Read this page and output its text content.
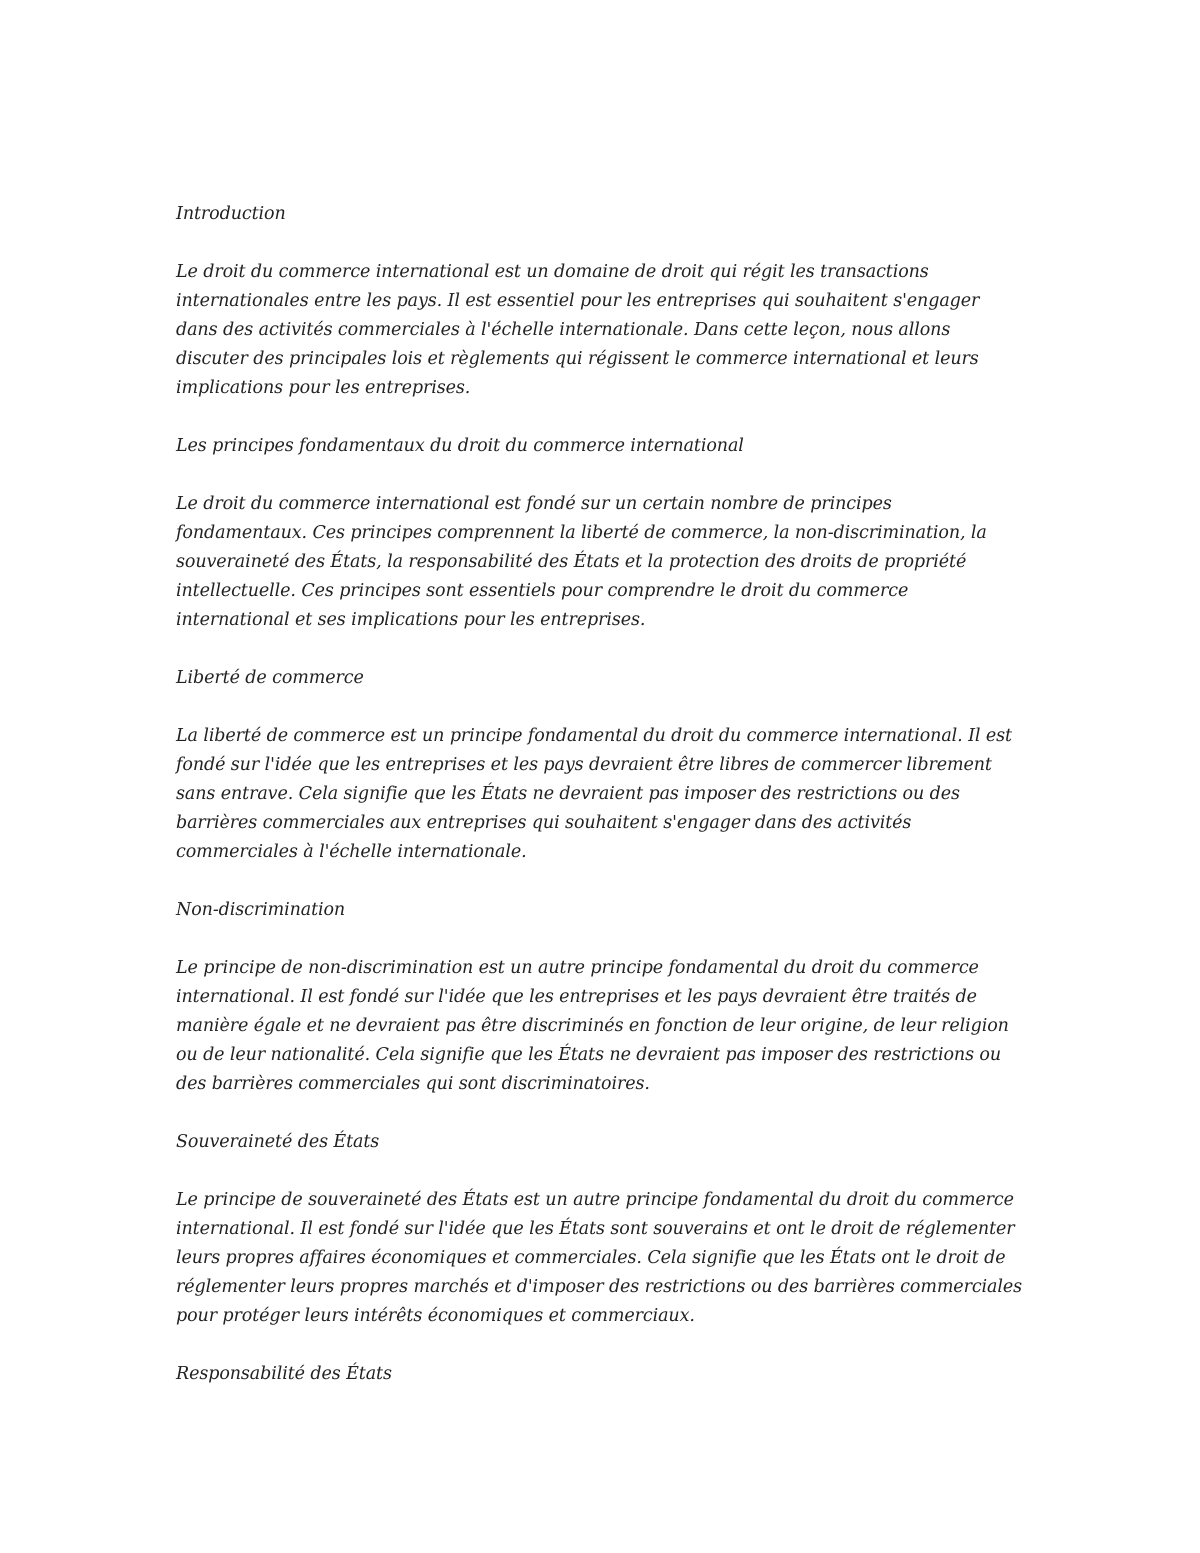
Introduction
Le droit du commerce international est un domaine de droit qui régit les transactions
internationales entre les pays. Il est essentiel pour les entreprises qui souhaitent s'engager
dans des activités commerciales à l'échelle internationale. Dans cette leçon, nous allons
discuter des principales lois et règlements qui régissent le commerce international et leurs
implications pour les entreprises.
Les principes fondamentaux du droit du commerce international
Le droit du commerce international est fondé sur un certain nombre de principes
fondamentaux. Ces principes comprennent la liberté de commerce, la non-discrimination, la
souveraineté des États, la responsabilité des États et la protection des droits de propriété
intellectuelle. Ces principes sont essentiels pour comprendre le droit du commerce
international et ses implications pour les entreprises.
Liberté de commerce
La liberté de commerce est un principe fondamental du droit du commerce international. Il est
fondé sur l'idée que les entreprises et les pays devraient être libres de commercer librement
sans entrave. Cela signifie que les États ne devraient pas imposer des restrictions ou des
barrières commerciales aux entreprises qui souhaitent s'engager dans des activités
commerciales à l'échelle internationale.
Non-discrimination
Le principe de non-discrimination est un autre principe fondamental du droit du commerce
international. Il est fondé sur l'idée que les entreprises et les pays devraient être traités de
manière égale et ne devraient pas être discriminés en fonction de leur origine, de leur religion
ou de leur nationalité. Cela signifie que les États ne devraient pas imposer des restrictions ou
des barrières commerciales qui sont discriminatoires.
Souveraineté des États
Le principe de souveraineté des États est un autre principe fondamental du droit du commerce
international. Il est fondé sur l'idée que les États sont souverains et ont le droit de réglementer
leurs propres affaires économiques et commerciales. Cela signifie que les États ont le droit de
réglementer leurs propres marchés et d'imposer des restrictions ou des barrières commerciales
pour protéger leurs intérêts économiques et commerciaux.
Responsabilité des États
